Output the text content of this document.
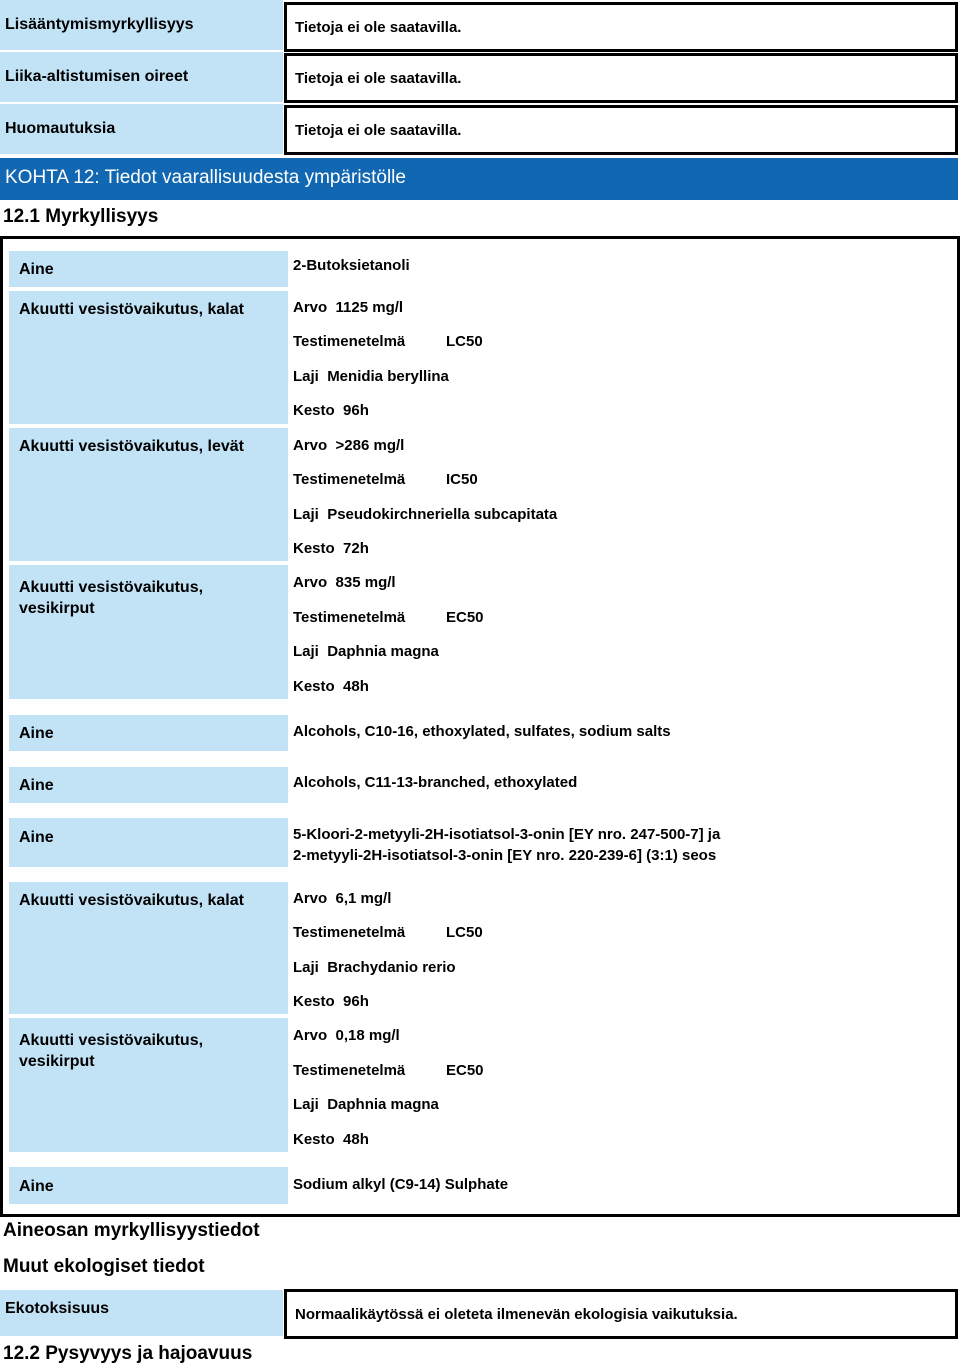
Lisääntymismyrkyllisyys	Tietoja ei ole saatavilla.
Liika-altistumisen oireet	Tietoja ei ole saatavilla.
Huomautuksia	Tietoja ei ole saatavilla.
KOHTA 12: Tiedot vaarallisuudesta ympäristölle
12.1 Myrkyllisyys
Aine	2-Butoksietanoli
Akuutti vesistövaikutus, kalat	Arvo 1125 mg/l
Testimenetelmä	LC50
Laji Menidia beryllina
Kesto 96h
Akuutti vesistövaikutus, levät	Arvo >286 mg/l
Testimenetelmä	IC50
Laji Pseudokirchneriella subcapitata
Kesto 72h
Akuutti vesistövaikutus,
vesikirput
Arvo 835 mg/l
Testimenetelmä	EC50
Laji Daphnia magna
Kesto 48h
Aine	Alcohols, C10-16, ethoxylated, sulfates, sodium salts
Aine	Alcohols, C11-13-branched, ethoxylated
Aine	5-Kloori-2-metyyli-2H-isotiatsol-3-onin [EY nro. 247-500-7] ja
2-metyyli-2H-isotiatsol-3-onin [EY nro. 220-239-6] (3:1) seos
Akuutti vesistövaikutus, kalat	Arvo 6,1 mg/l
Testimenetelmä	LC50
Laji Brachydanio rerio
Kesto 96h
Akuutti vesistövaikutus,
vesikirput
Arvo 0,18 mg/l
Testimenetelmä	EC50
Laji Daphnia magna
Kesto 48h
Aine	Sodium alkyl (C9-14) Sulphate
Aineosan myrkyllisyystiedot
Muut ekologiset tiedot
Ekotoksisuus	Normaalikäytössä ei oleteta ilmenevän ekologisia vaikutuksia.
12.2 Pysyvyys ja hajoavuus
